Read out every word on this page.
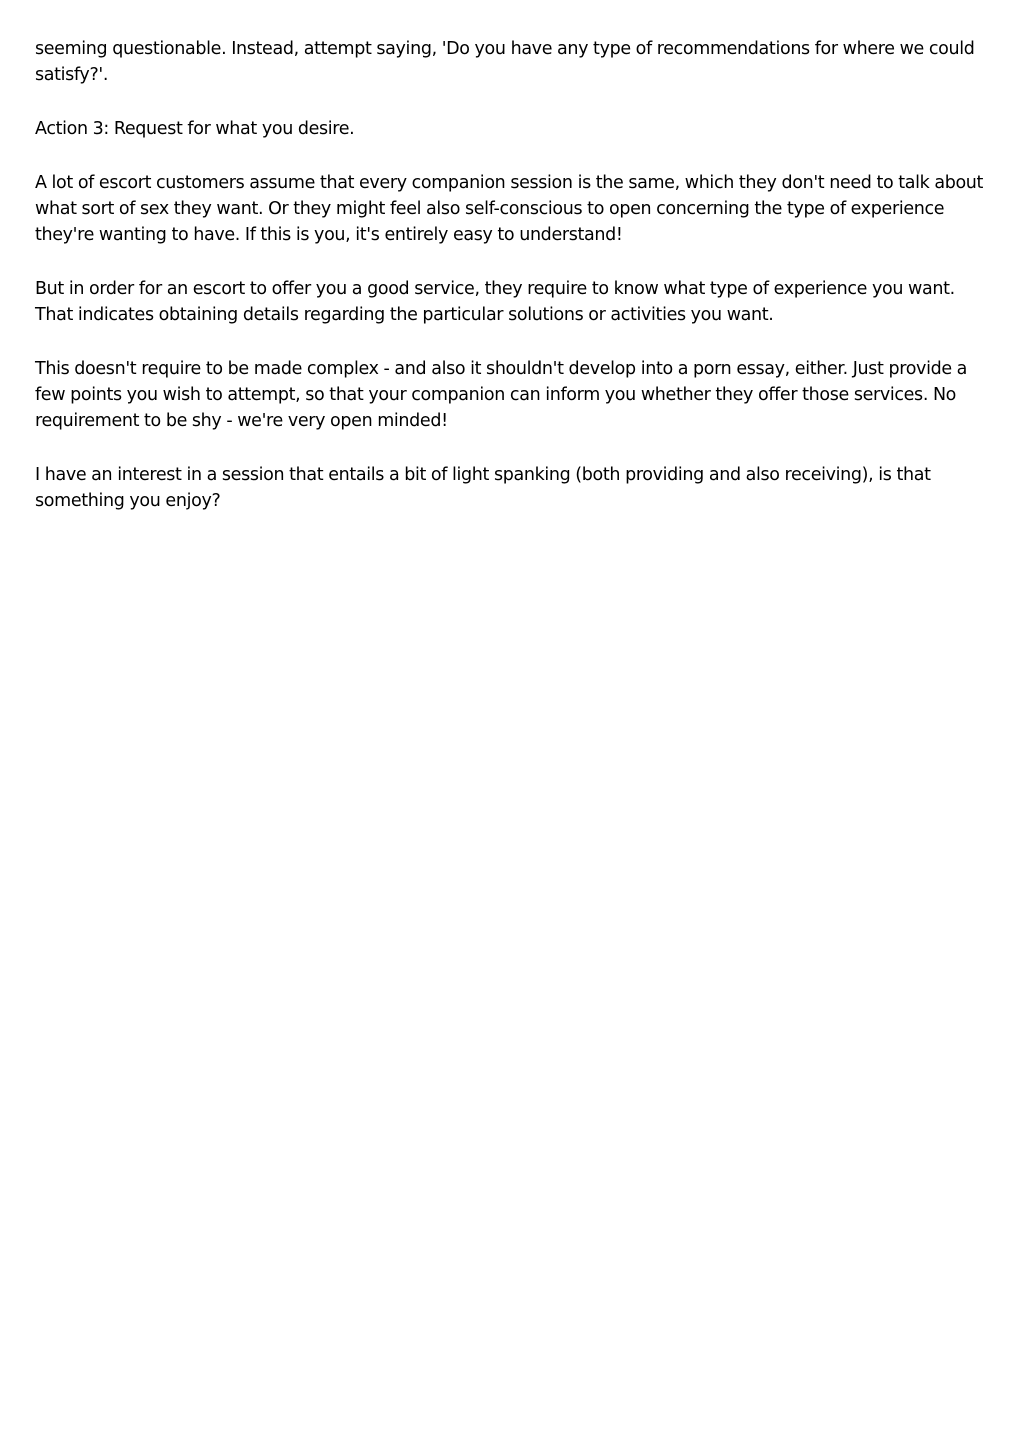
seeming questionable. Instead, attempt saying, 'Do you have any type of recommendations for where we could satisfy?'.

Action 3: Request for what you desire.

A lot of escort customers assume that every companion session is the same, which they don't need to talk about what sort of sex they want. Or they might feel also self-conscious to open concerning the type of experience they're wanting to have. If this is you, it's entirely easy to understand!

But in order for an escort to offer you a good service, they require to know what type of experience you want. That indicates obtaining details regarding the particular solutions or activities you want.

This doesn't require to be made complex - and also it shouldn't develop into a porn essay, either. Just provide a few points you wish to attempt, so that your companion can inform you whether they offer those services. No requirement to be shy - we're very open minded!

I have an interest in a session that entails a bit of light spanking (both providing and also receiving), is that something you enjoy?
